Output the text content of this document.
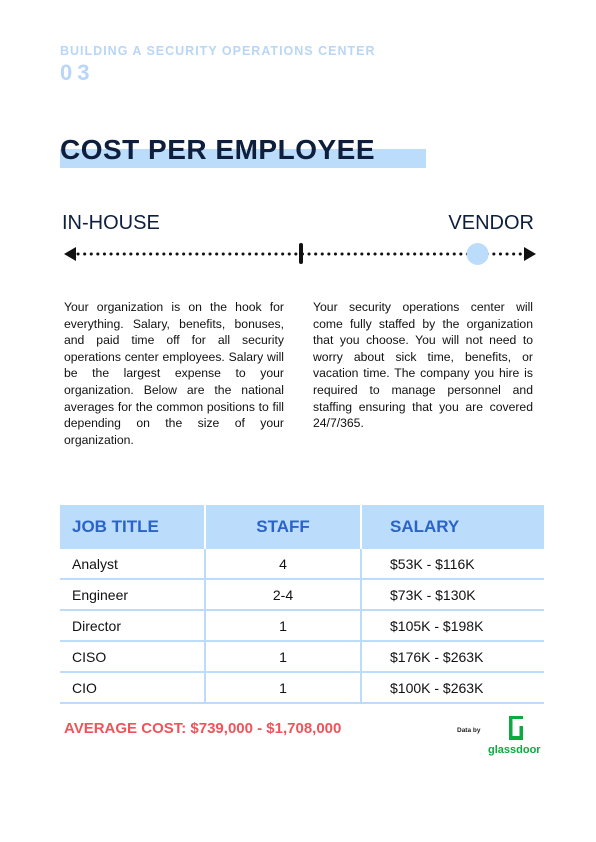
BUILDING A SECURITY OPERATIONS CENTER
03
COST PER EMPLOYEE
IN-HOUSE	VENDOR

Your organization is on the hook for everything. Salary, benefits, bonuses, and paid time off for all security operations center employees. Salary will be the largest expense to your organization. Below are the national averages for the common positions to fill depending on the size of your organization.

Your security operations center will come fully staffed by the organization that you choose. You will not need to worry about sick time, benefits, or vacation time. The company you hire is required to manage personnel and staffing ensuring that you are covered 24/7/365.

JOB TITLE	STAFF	SALARY
Analyst	4	$53K - $116K
Engineer	2-4	$73K - $130K
Director	1	$105K - $198K
CISO	1	$176K - $263K
CIO	1	$100K - $263K
AVERAGE COST: $739,000 - $1,708,000	Data by
glassdoor
